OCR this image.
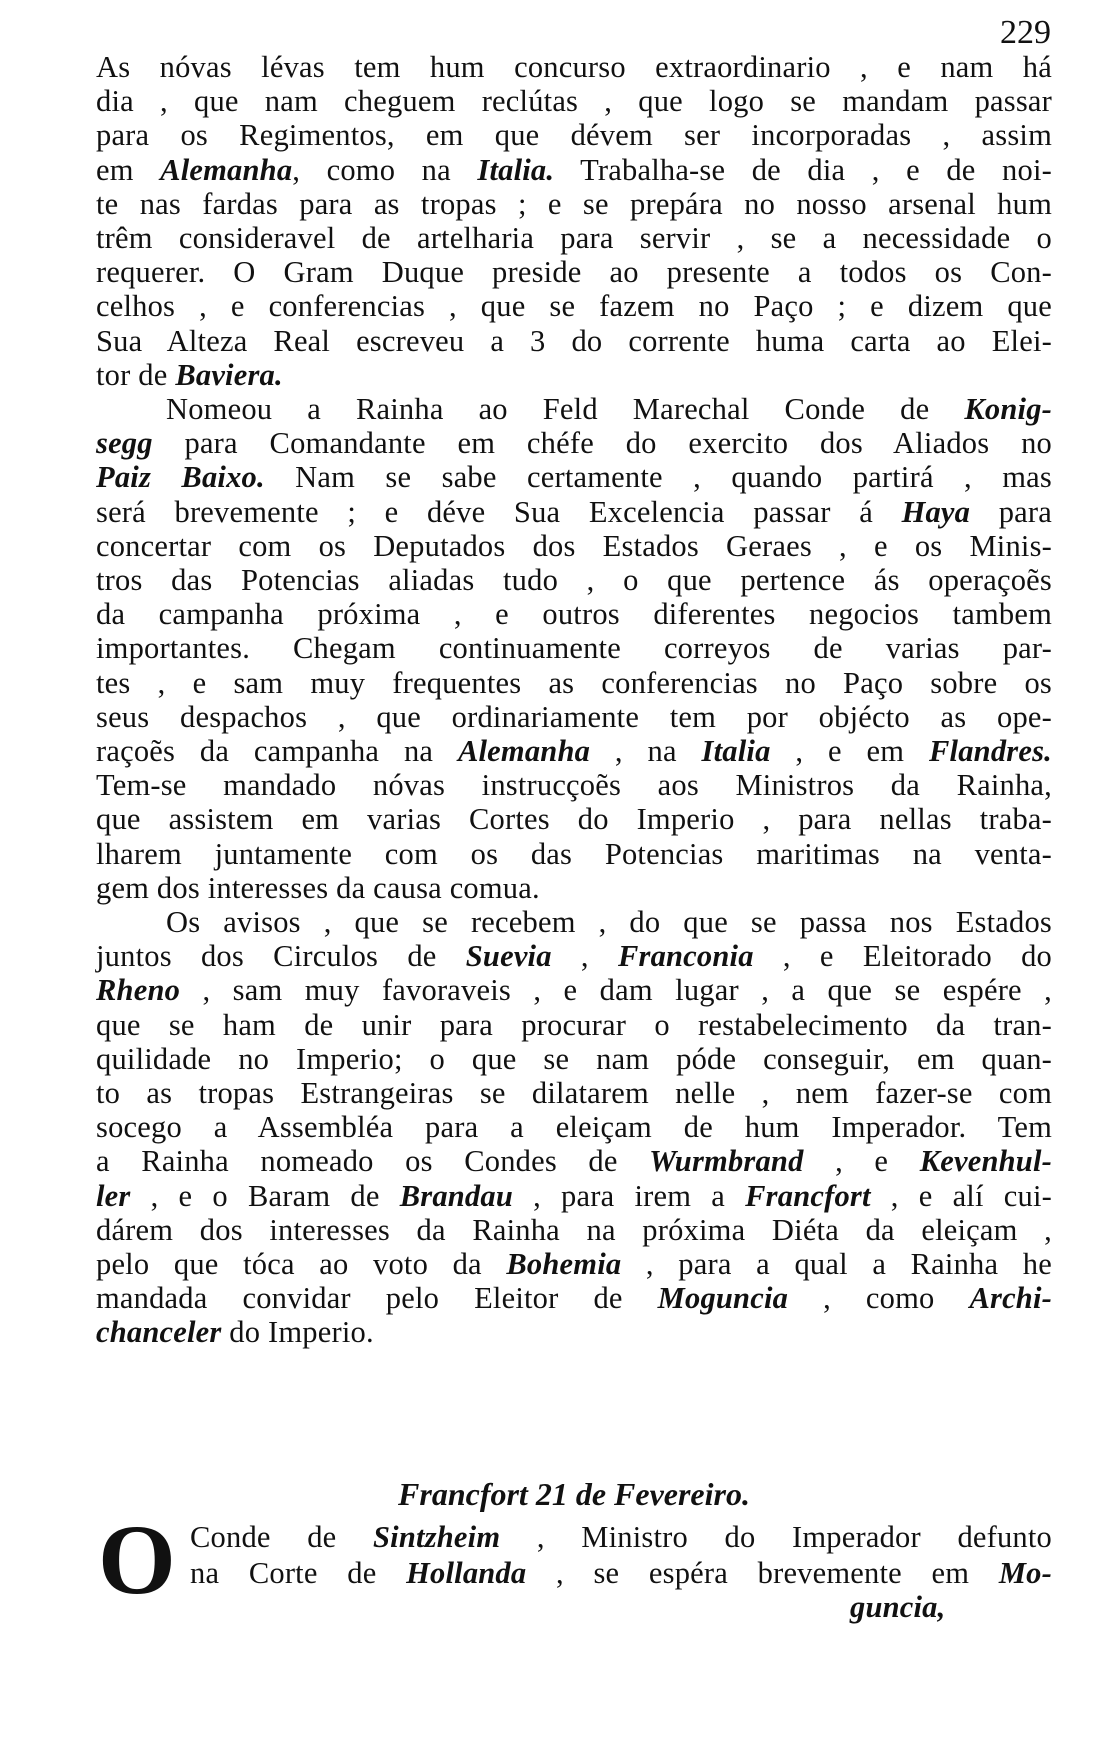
229
As nóvas lévas tem hum concurso extraordinario , e nam há
dia , que nam cheguem reclútas , que logo se mandam passar
para os Regimentos, em que dévem ser incorporadas , assim
em Alemanha, como na Italia. Trabalha-se de dia , e de noi-
te nas fardas para as tropas ; e se prepára no nosso arsenal hum
trêm consideravel de artelharia para servir , se a necessidade o
requerer. O Gram Duque preside ao presente a todos os Con-
celhos , e conferencias , que se fazem no Paço ; e dizem que
Sua Alteza Real escreveu a 3 do corrente huma carta ao Elei-
tor de Baviera.
Nomeou a Rainha ao Feld Marechal Conde de Konig-
segg para Comandante em chéfe do exercito dos Aliados no
Paiz Baixo. Nam se sabe certamente , quando partirá , mas
será brevemente ; e déve Sua Excelencia passar á Haya para
concertar com os Deputados dos Estados Geraes , e os Minis-
tros das Potencias aliadas tudo , o que pertence ás operaçoẽs
da campanha próxima , e outros diferentes negocios tambem
importantes. Chegam continuamente correyos de varias par-
tes , e sam muy frequentes as conferencias no Paço sobre os
seus despachos , que ordinariamente tem por objécto as ope-
raçoẽs da campanha na Alemanha , na Italia , e em Flandres.
Tem-se mandado nóvas instrucçoẽs aos Ministros da Rainha,
que assistem em varias Cortes do Imperio , para nellas traba-
lharem juntamente com os das Potencias maritimas na venta-
gem dos interesses da causa comua.
Os avisos , que se recebem , do que se passa nos Estados
juntos dos Circulos de Suevia , Franconia , e Eleitorado do
Rheno , sam muy favoraveis , e dam lugar , a que se espére ,
que se ham de unir para procurar o restabelecimento da tran-
quilidade no Imperio; o que se nam póde conseguir, em quan-
to as tropas Estrangeiras se dilatarem nelle , nem fazer-se com
socego a Assembléa para a eleiçam de hum Imperador. Tem
a Rainha nomeado os Condes de Wurmbrand , e Kevenhul-
ler , e o Baram de Brandau , para irem a Francfort , e alí cui-
dárem dos interesses da Rainha na próxima Diéta da eleiçam ,
pelo que tóca ao voto da Bohemia , para a qual a Rainha he
mandada convidar pelo Eleitor de Moguncia , como Archi-
chanceler do Imperio.
Francfort 21 de Fevereiro.
O Conde de Sintzheim , Ministro do Imperador defunto
na Corte de Hollanda , se espéra brevemente em Mo-
guncia,
